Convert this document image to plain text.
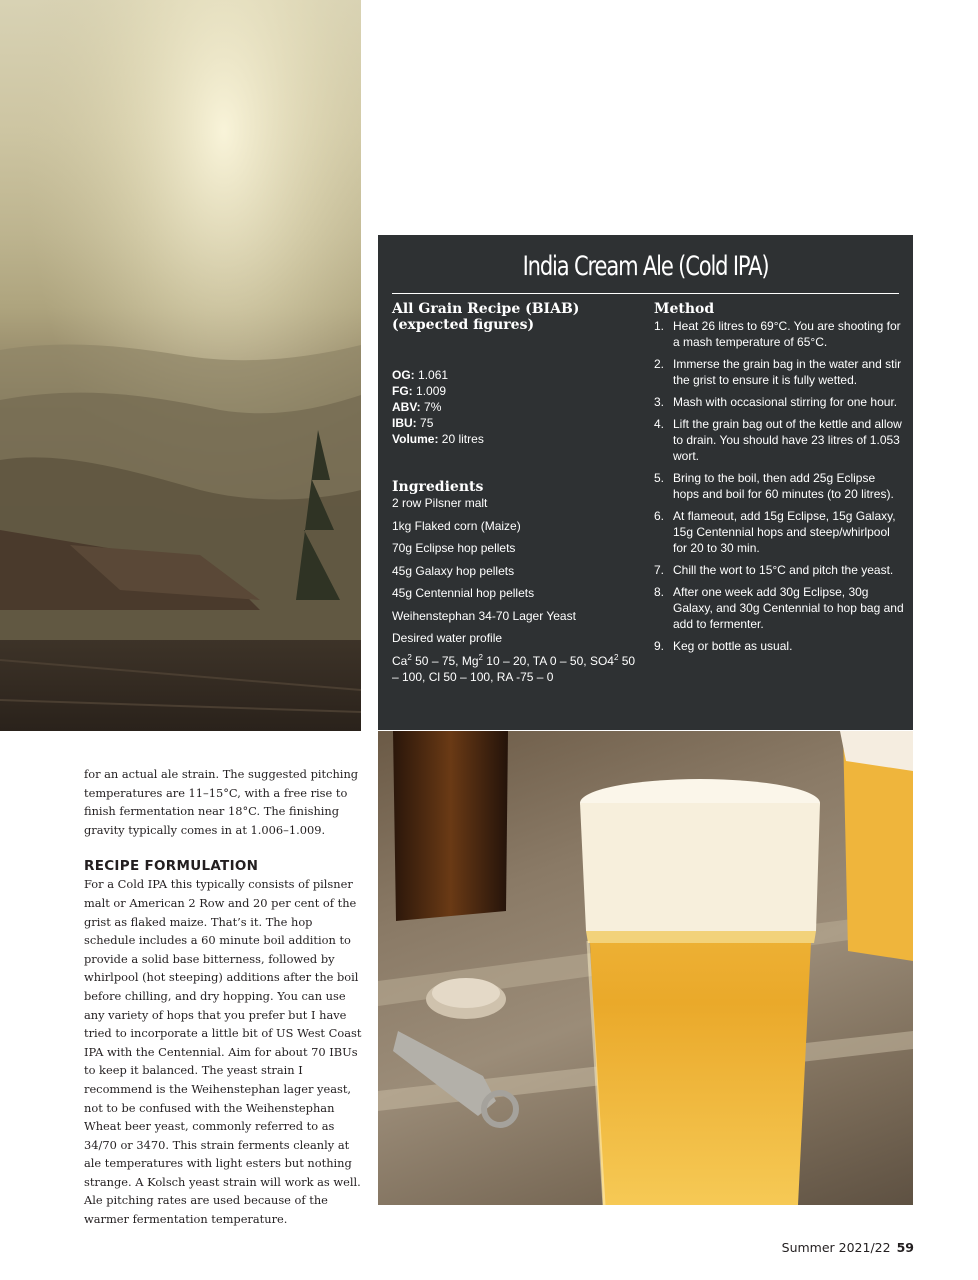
India Cream Ale (Cold IPA)
All Grain Recipe (BIAB)
(expected figures)
OG: 1.061
FG: 1.009
ABV: 7%
IBU: 75
Volume: 20 litres
Ingredients
2 row Pilsner malt
1kg Flaked corn (Maize)
70g Eclipse hop pellets
45g Galaxy hop pellets
45g Centennial hop pellets
Weihenstephan 34-70 Lager Yeast
Desired water profile
Ca$^2$ 50 – 75, Mg$^2$ 10 – 20, TA 0 – 50, $SO4^2$ 50 – 100, Cl 50 – 100, RA -75 – 0
Method
1. Heat 26 litres to 69°C. You are shooting for a mash temperature of 65°C.
2. Immerse the grain bag in the water and stir the grist to ensure it is fully wetted.
3. Mash with occasional stirring for one hour.
4. Lift the grain bag out of the kettle and allow to drain. You should have 23 litres of 1.053 wort.
5. Bring to the boil, then add 25g Eclipse hops and boil for 60 minutes (to 20 litres).
6. At flameout, add 15g Eclipse, 15g Galaxy, 15g Centennial hops and steep/whirlpool for 20 to 30 min.
7. Chill the wort to 15°C and pitch the yeast.
8. After one week add 30g Eclipse, 30g Galaxy, and 30g Centennial to hop bag and add to fermenter.
9. Keg or bottle as usual.

for an actual ale strain. The suggested pitching temperatures are 11–15°C, with a free rise to finish fermentation near 18°C. The finishing gravity typically comes in at 1.006–1.009.

RECIPE FORMULATION

For a Cold IPA this typically consists of pilsner malt or American 2 Row and 20 per cent of the grist as flaked maize. That’s it. The hop schedule includes a 60 minute boil addition to provide a solid base bitterness, followed by whirlpool (hot steeping) additions after the boil before chilling, and dry hopping. You can use any variety of hops that you prefer but I have tried to incorporate a little bit of US West Coast IPA with the Centennial. Aim for about 70 IBUs to keep it balanced. The yeast strain I recommend is the Weihenstephan lager yeast, not to be confused with the Weihenstephan Wheat beer yeast, commonly referred to as 34/70 or 3470. This strain ferments cleanly at ale temperatures with light esters but nothing strange. A Kolsch yeast strain will work as well. Ale pitching rates are used because of the warmer fermentation temperature.

Summer 2021/22 59
